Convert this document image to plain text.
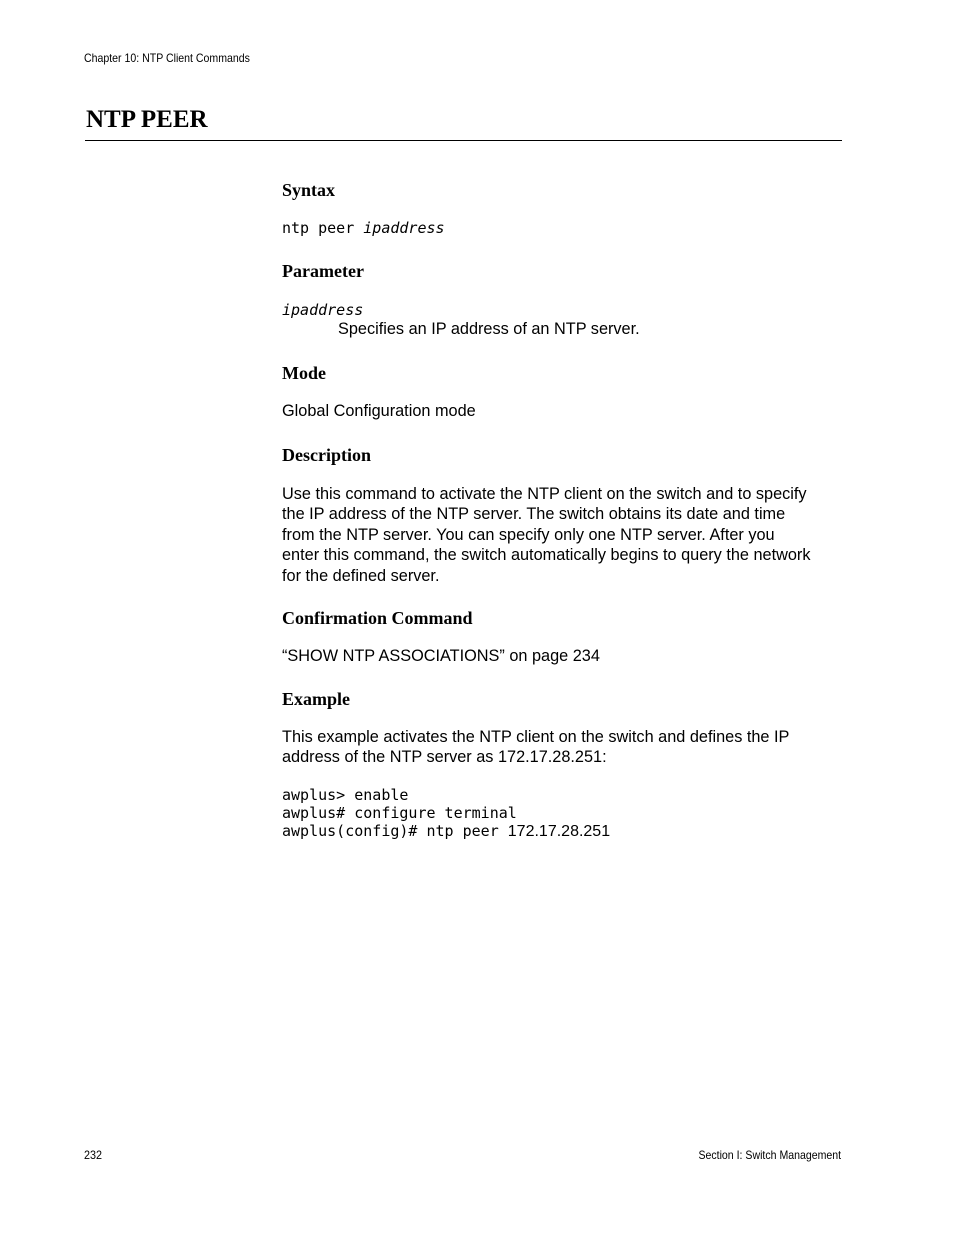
Chapter 10: NTP Client Commands
NTP PEER
Syntax

ntp peer ipaddress

Parameter

ipaddress

Specifies an IP address of an NTP server.

Mode

Global Configuration mode

Description
Use this command to activate the NTP client on the switch and to specify
the IP address of the NTP server. The switch obtains its date and time
from the NTP server. You can specify only one NTP server. After you
enter this command, the switch automatically begins to query the network
for the defined server.
Confirmation Command

“SHOW NTP ASSOCIATIONS” on page 234

Example
This example activates the NTP client on the switch and defines the IP
address of the NTP server as 172.17.28.251:

awplus> enable

awplus# configure terminal

awplus(config)# ntp peer 172.17.28.251

232	Section I: Switch Management
